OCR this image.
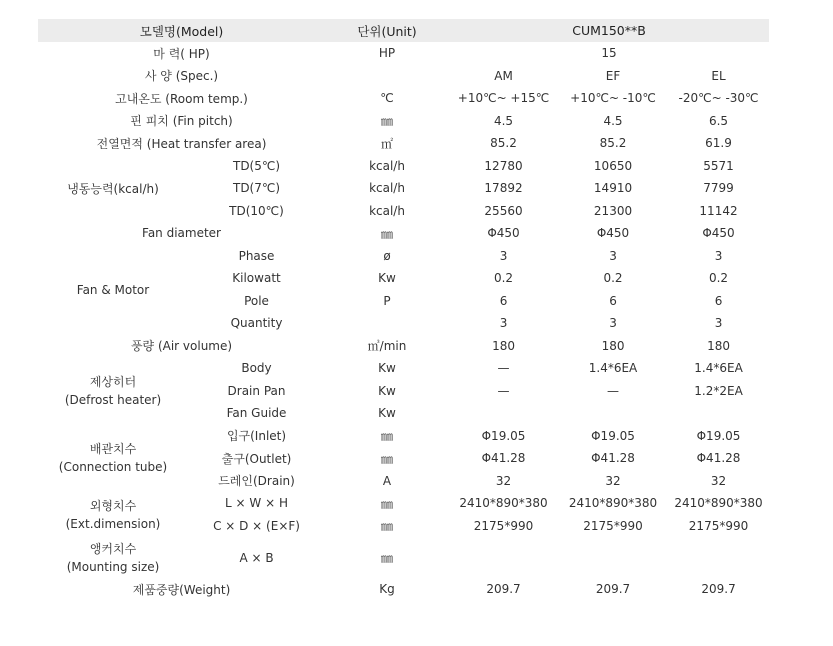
모델명(Model)		단위(Unit)	CUM150**B		
마 력( HP)		HP	15		
사 양 (Spec.)			AM	EF	EL
고내온도 (Room temp.)		℃	+10℃~ +15℃	+10℃~ -10℃	-20℃~ -30℃
핀 피치 (Fin pitch)		㎜	4.5	4.5	6.5
전열면적 (Heat transfer area)		㎡	85.2	85.2	61.9
냉동능력(kcal/h)	TD(5℃)	kcal/h	12780	10650	5571
	TD(7℃)	kcal/h	17892	14910	7799
	TD(10℃)	kcal/h	25560	21300	11142
Fan diameter		㎜	Φ450	Φ450	Φ450
Fan & Motor	Phase	ø	3	3	3
	Kilowatt	Kw	0.2	0.2	0.2
	Pole	P	6	6	6
	Quantity		3	3	3
풍량 (Air volume)		㎥/min	180	180	180

제상히터
(Defrost heater)	Body	Kw	—	1.4*6EA	1.4*6EA
	Drain Pan	Kw	—	—	1.2*2EA
	Fan Guide	Kw			

배관치수
(Connection tube)	입구(Inlet)	㎜	Φ19.05	Φ19.05	Φ19.05
	출구(Outlet)	㎜	Φ41.28	Φ41.28	Φ41.28
	드레인(Drain)	A	32	32	32

외형치수
(Ext.dimension)	L × W × H	㎜	2410*890*380	2410*890*380	2410*890*380
	C × D × (E×F)	㎜	2175*990	2175*990	2175*990

앵커치수
(Mounting size)	A × B	㎜			
제품중량(Weight)		Kg	209.7	209.7	209.7
